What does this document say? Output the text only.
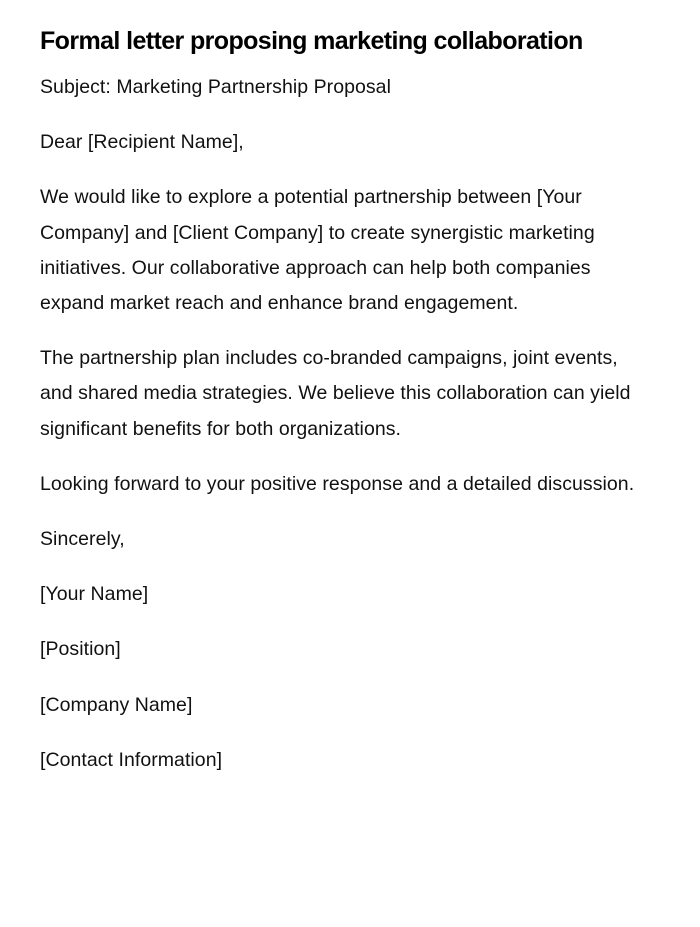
Formal letter proposing marketing collaboration

Subject: Marketing Partnership Proposal

Dear [Recipient Name],

We would like to explore a potential partnership between [Your Company] and [Client Company] to create synergistic marketing initiatives. Our collaborative approach can help both companies expand market reach and enhance brand engagement.

The partnership plan includes co-branded campaigns, joint events, and shared media strategies. We believe this collaboration can yield significant benefits for both organizations.

Looking forward to your positive response and a detailed discussion.

Sincerely,

[Your Name]

[Position]

[Company Name]

[Contact Information]
